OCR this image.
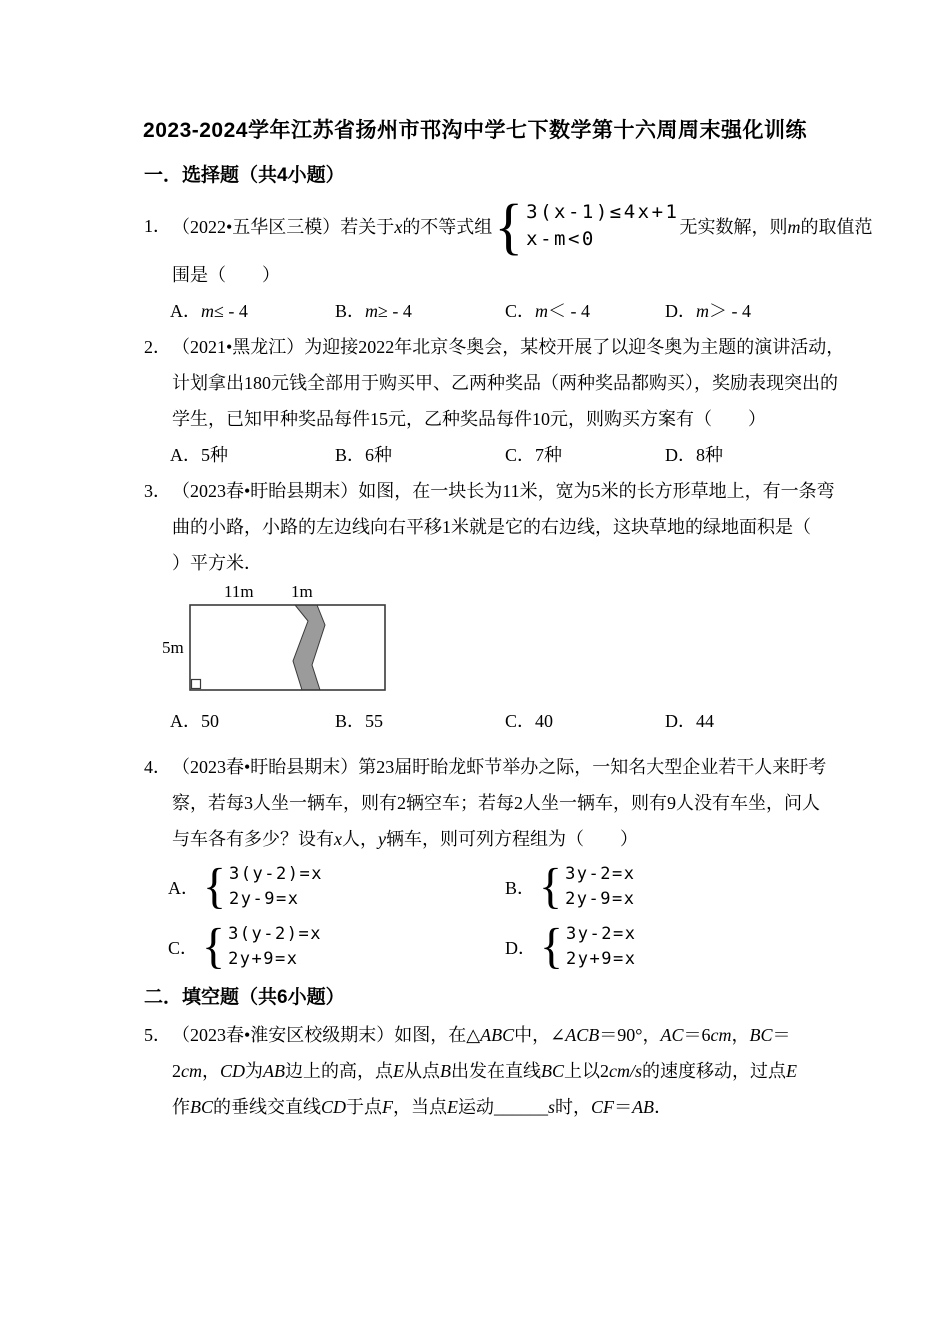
2023-2024学年江苏省扬州市邗沟中学七下数学第十六周周末强化训练
一．选择题（共4小题）
1． （2022•五华区三模）若关于x的不等式组 { 3(x-1)≤4x+1
x-m<0
无实数解，则m的取值范
围是（　　）
A．m≤ - 4	B．m≥ - 4	C．m＜ - 4	D．m＞ - 4
2． （2021•黑龙江）为迎接2022年北京冬奥会，某校开展了以迎冬奥为主题的演讲活动，
计划拿出180元钱全部用于购买甲、乙两种奖品（两种奖品都购买），奖励表现突出的
学生，已知甲种奖品每件15元，乙种奖品每件10元，则购买方案有（　　）
A．5种	B．6种	C．7种	D．8种
3． （2023春•盱眙县期末）如图，在一块长为11米，宽为5米的长方形草地上，有一条弯
曲的小路，小路的左边线向右平移1米就是它的右边线，这块草地的绿地面积是（
）平方米．
11m 1m
5m
A．50	B．55	C．40	D．44
4． （2023春•盱眙县期末）第23届盱眙龙虾节举办之际，一知名大型企业若干人来盱考
察，若每3人坐一辆车，则有2辆空车；若每2人坐一辆车，则有9人没有车坐，问人
与车各有多少？设有x人，y辆车，则可列方程组为（　　）
A． { 3(y-2)=x
2y-9=x
B． { 3y-2=x
2y-9=x
C． { 3(y-2)=x
2y+9=x
D． { 3y-2=x
2y+9=x
二．填空题（共6小题）
5． （2023春•淮安区校级期末）如图，在△ABC中，∠ACB＝90°，AC＝6cm，BC＝
2cm，CD为AB边上的高，点E从点B出发在直线BC上以2cm/s的速度移动，过点E
作BC的垂线交直线CD于点F，当点E运动______s时，CF＝AB．
